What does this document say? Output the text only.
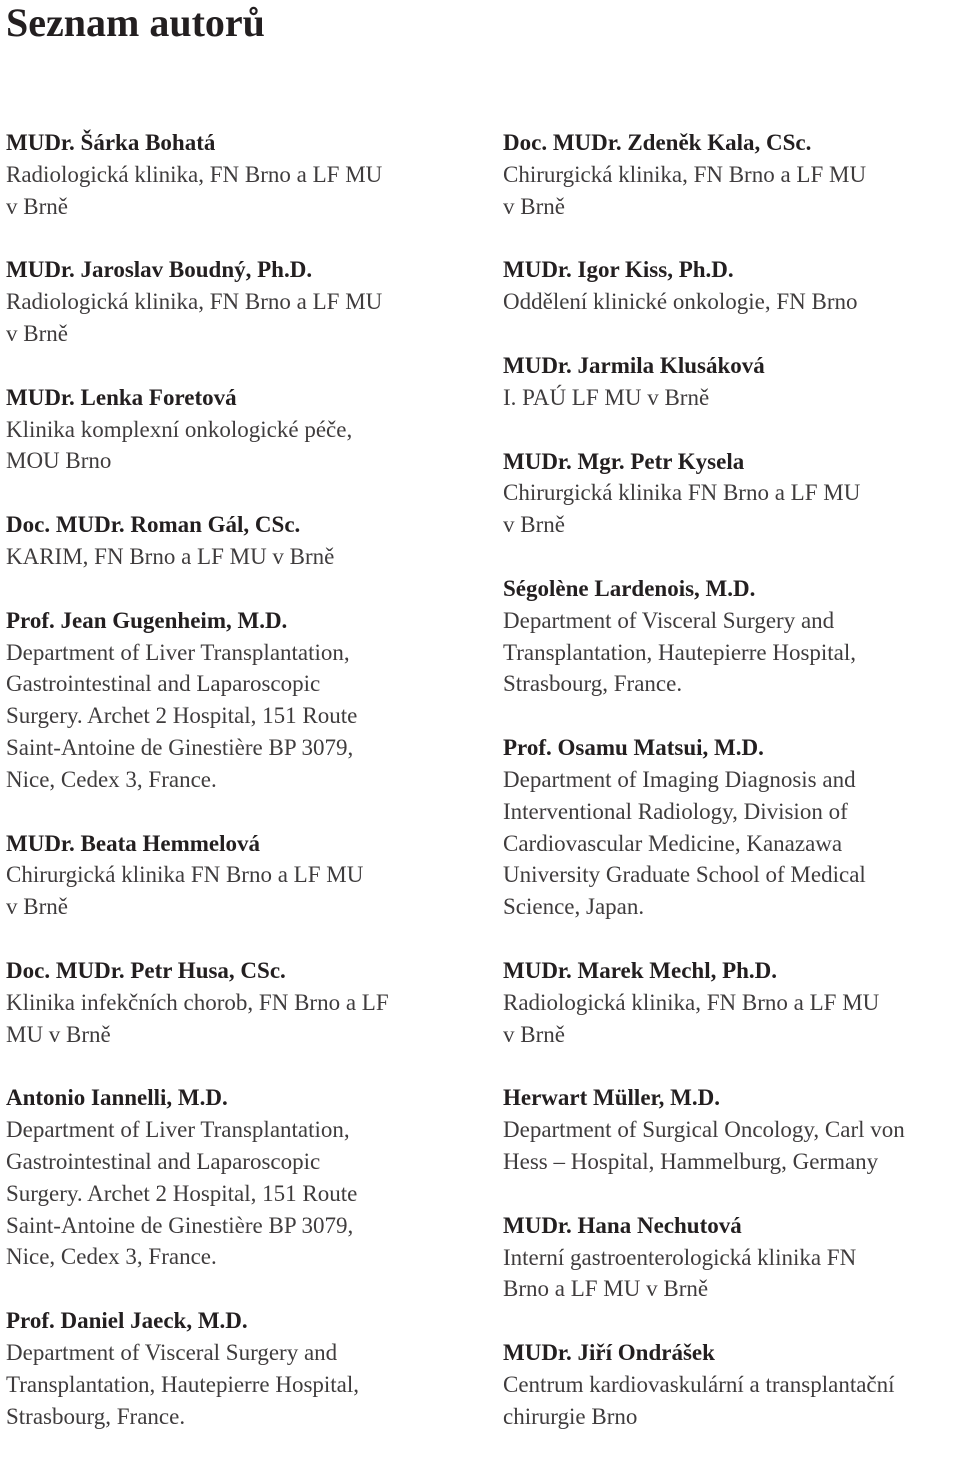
Seznam autorů
MUDr. Šárka Bohatá
Radiologická klinika, FN Brno a LF MU
v Brně
MUDr. Jaroslav Boudný, Ph.D.
Radiologická klinika, FN Brno a LF MU
v Brně
MUDr. Lenka Foretová
Klinika komplexní onkologické péče,
MOU Brno
Doc. MUDr. Roman Gál, CSc.
KARIM, FN Brno a LF MU v Brně
Prof. Jean Gugenheim, M.D.
Department of Liver Transplantation,
Gastrointestinal and Laparoscopic
Surgery. Archet 2 Hospital, 151 Route
Saint-Antoine de Ginestière BP 3079,
Nice, Cedex 3, France.
MUDr. Beata Hemmelová
Chirurgická klinika FN Brno a LF MU
v Brně
Doc. MUDr. Petr Husa, CSc.
Klinika infekčních chorob, FN Brno a LF
MU v Brně
Antonio Iannelli, M.D.
Department of Liver Transplantation,
Gastrointestinal and Laparoscopic
Surgery. Archet 2 Hospital, 151 Route
Saint-Antoine de Ginestière BP 3079,
Nice, Cedex 3, France.
Prof. Daniel Jaeck, M.D.
Department of Visceral Surgery and
Transplantation, Hautepierre Hospital,
Strasbourg, France.
Doc. MUDr. Zdeněk Kala, CSc.
Chirurgická klinika, FN Brno a LF MU
v Brně
MUDr. Igor Kiss, Ph.D.
Oddělení klinické onkologie, FN Brno
MUDr. Jarmila Klusáková
I. PAÚ LF MU v Brně
MUDr. Mgr. Petr Kysela
Chirurgická klinika FN Brno a LF MU
v Brně
Ségolène Lardenois, M.D.
Department of Visceral Surgery and
Transplantation, Hautepierre Hospital,
Strasbourg, France.
Prof. Osamu Matsui, M.D.
Department of Imaging Diagnosis and
Interventional Radiology, Division of
Cardiovascular Medicine, Kanazawa
University Graduate School of Medical
Science, Japan.
MUDr. Marek Mechl, Ph.D.
Radiologická klinika, FN Brno a LF MU
v Brně
Herwart Müller, M.D.
Department of Surgical Oncology, Carl von
Hess – Hospital, Hammelburg, Germany
MUDr. Hana Nechutová
Interní gastroenterologická klinika FN
Brno a LF MU v Brně
MUDr. Jiří Ondrášek
Centrum kardiovaskulární a transplantační
chirurgie Brno
